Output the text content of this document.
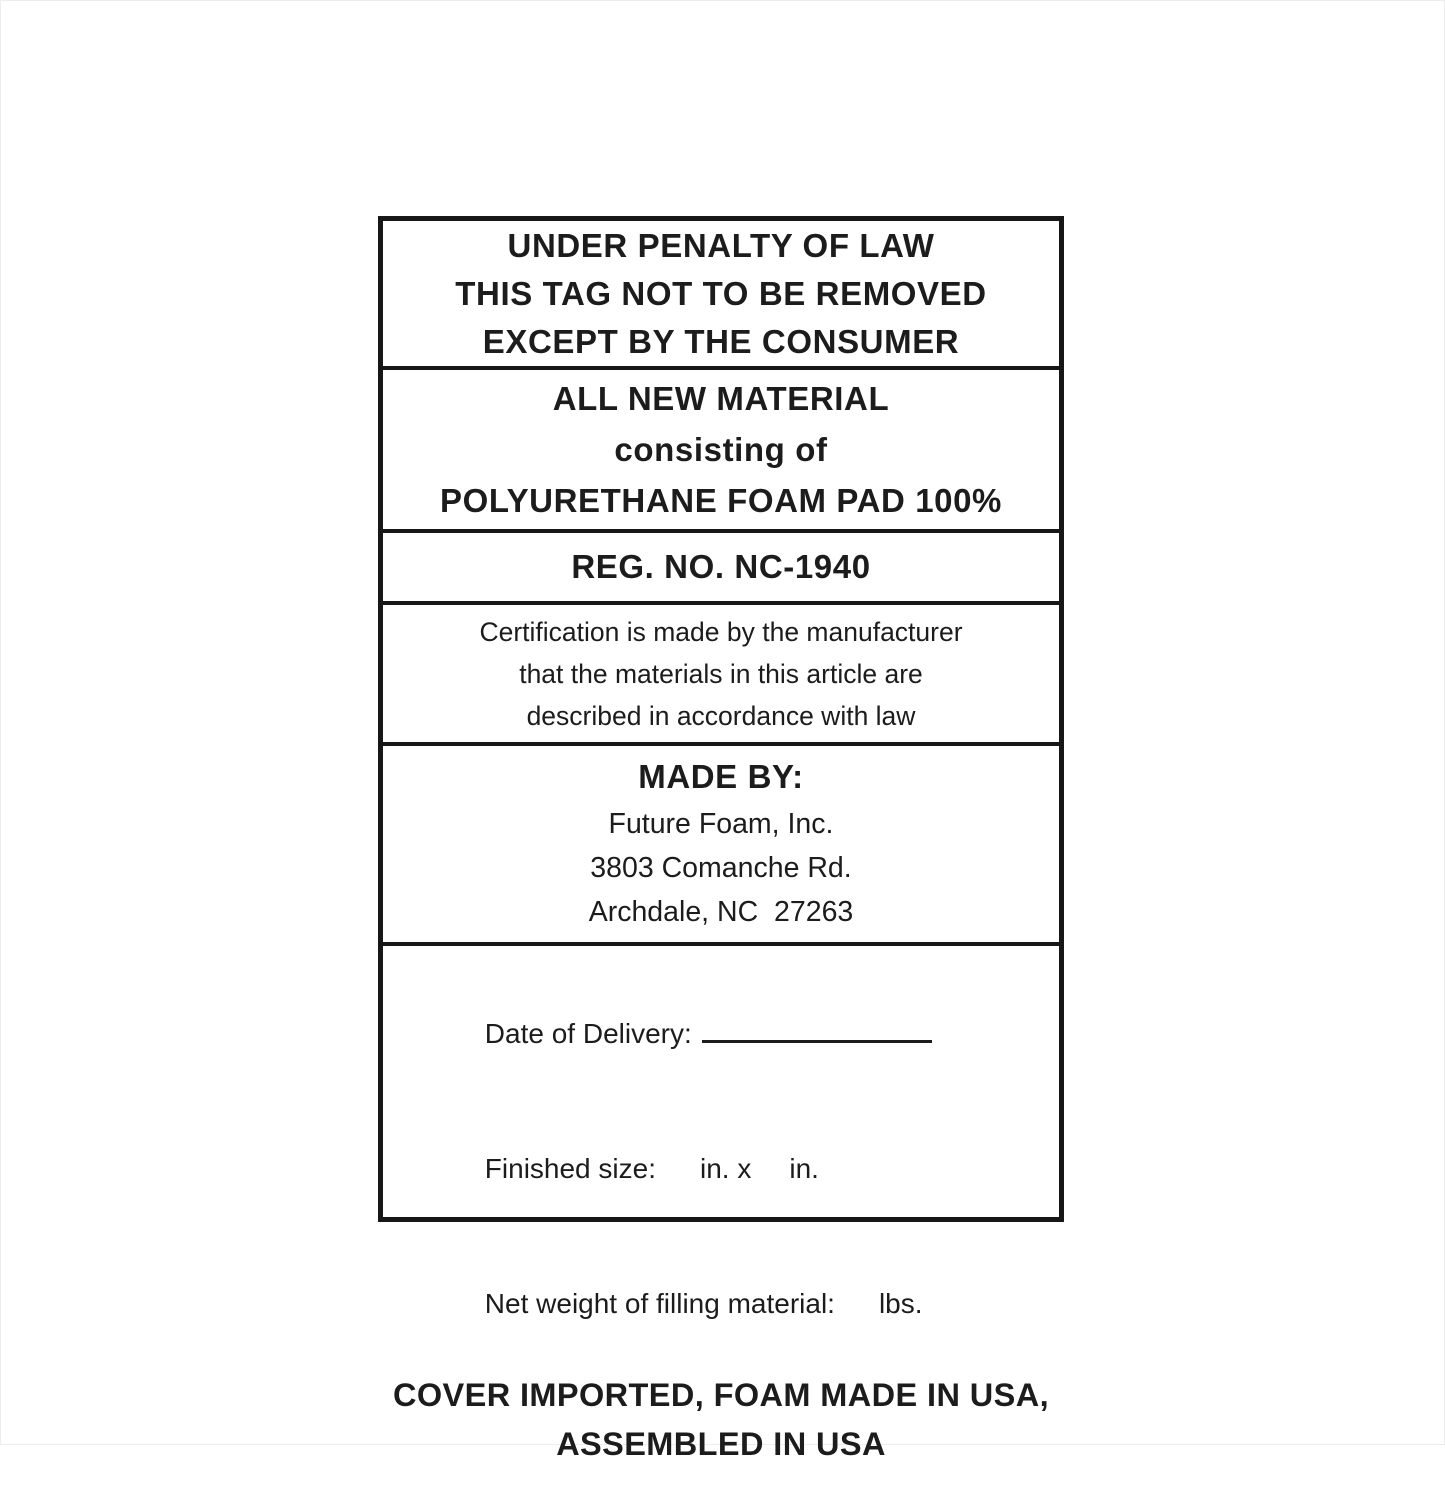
UNDER PENALTY OF LAW
THIS TAG NOT TO BE REMOVED
EXCEPT BY THE CONSUMER
ALL NEW MATERIAL
consisting of
POLYURETHANE FOAM PAD 100%
REG. NO. NC-1940
Certification is made by the manufacturer
that the materials in this article are
described in accordance with law
MADE BY:
Future Foam, Inc.
3803 Comanche Rd.
Archdale, NC  27263

Date of Delivery:

Finished size: in. x in.

Net weight of filling material: lbs.

COVER IMPORTED, FOAM MADE IN USA,
ASSEMBLED IN USA
